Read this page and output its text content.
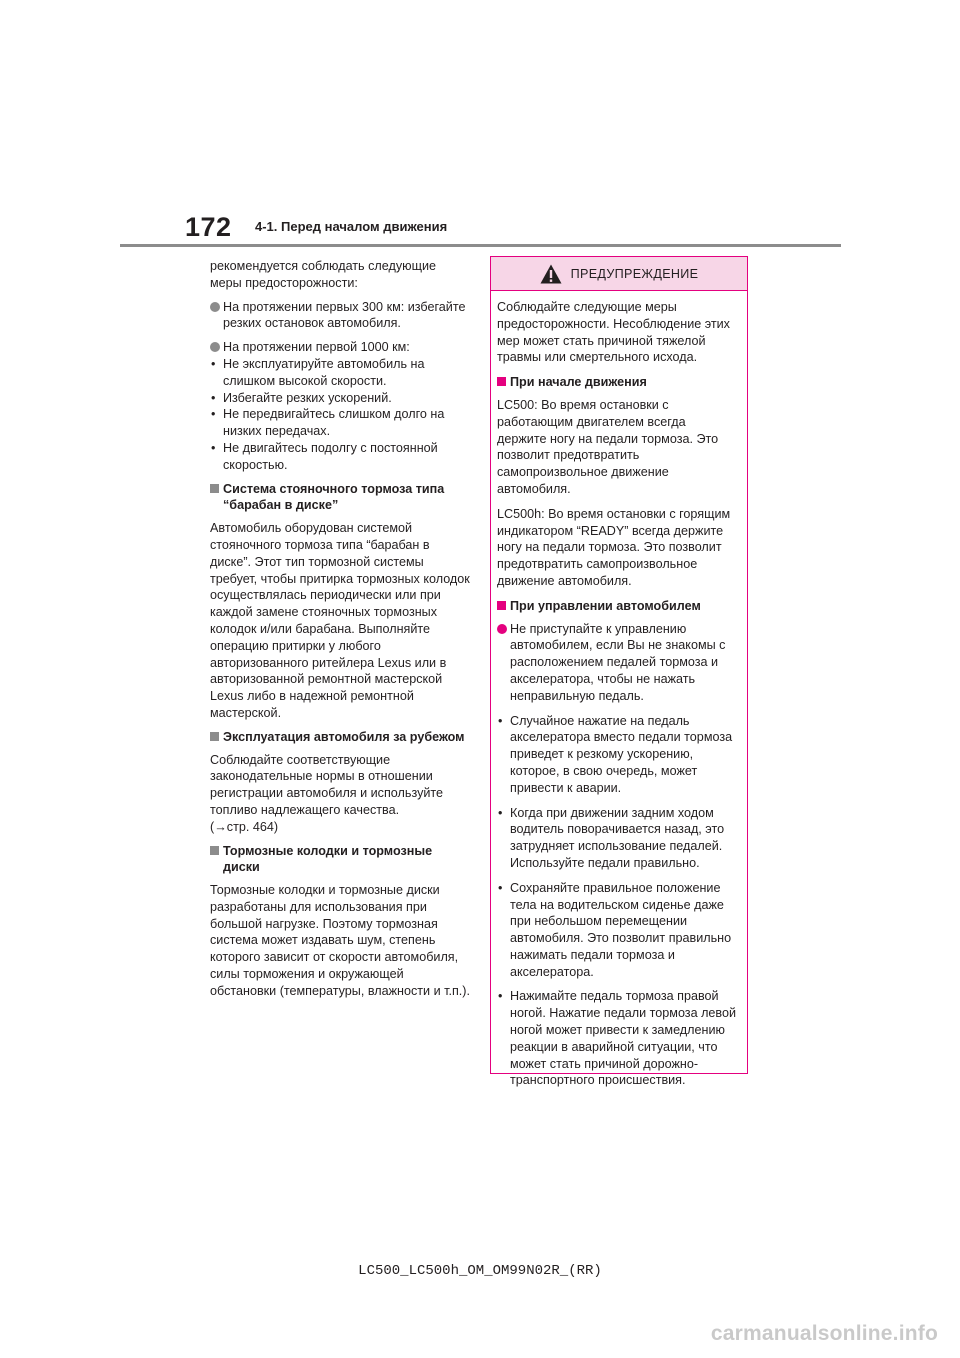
172 4-1. Перед началом движения

рекомендуется соблюдать следующие меры предосторожности:

На протяжении первых 300 км: избегайте резких остановок автомобиля.
На протяжении первой 1000 км:
• Не эксплуатируйте автомобиль на слишком высокой скорости.
• Избегайте резких ускорений.
• Не передвигайтесь слишком долго на низких передачах.
• Не двигайтесь подолгу с постоянной скоростью.
Система стояночного тормоза типа “барабан в диске”

Автомобиль оборудован системой стояночного тормоза типа “барабан в диске”. Этот тип тормозной системы требует, чтобы притирка тормозных колодок осуществлялась периодически или при каждой замене стояночных тормозных колодок и/или барабана. Выполняйте операцию притирки у любого авторизованного ритейлера Lexus или в авторизованной ремонтной мастерской Lexus либо в надежной ремонтной мастерской.

Эксплуатация автомобиля за рубежом

Соблюдайте соответствующие законодательные нормы в отношении регистрации автомобиля и используйте топливо надлежащего качества.

(→стр. 464)

Тормозные колодки и тормозные диски

Тормозные колодки и тормозные диски разработаны для использования при большой нагрузке. Поэтому тормозная система может издавать шум, степень которого зависит от скорости автомобиля, силы торможения и окружающей обстановки (температуры, влажности и т.п.).

ПРЕДУПРЕЖДЕНИЕ

Соблюдайте следующие меры предосторожности. Несоблюдение этих мер может стать причиной тяжелой травмы или смертельного исхода.

При начале движения

LC500: Во время остановки с работающим двигателем всегда держите ногу на педали тормоза. Это позволит предотвратить самопроизвольное движение автомобиля.

LC500h: Во время остановки с горящим индикатором “READY” всегда держите ногу на педали тормоза. Это позволит предотвратить самопроизвольное движение автомобиля.

При управлении автомобилем
Не приступайте к управлению автомобилем, если Вы не знакомы с расположением педалей тормоза и акселератора, чтобы не нажать неправильную педаль.
• Случайное нажатие на педаль акселератора вместо педали тормоза приведет к резкому ускорению, которое, в свою очередь, может привести к аварии.
• Когда при движении задним ходом водитель поворачивается назад, это затрудняет использование педалей. Используйте педали правильно.
• Сохраняйте правильное положение тела на водительском сиденье даже при небольшом перемещении автомобиля. Это позволит правильно нажимать педали тормоза и акселератора.
• Нажимайте педаль тормоза правой ногой. Нажатие педали тормоза левой ногой может привести к замедлению реакции в аварийной ситуации, что может стать причиной дорожно-транспортного происшествия.
LC500_LC500h_OM_OM99N02R_(RR)
carmanualsonline.info
